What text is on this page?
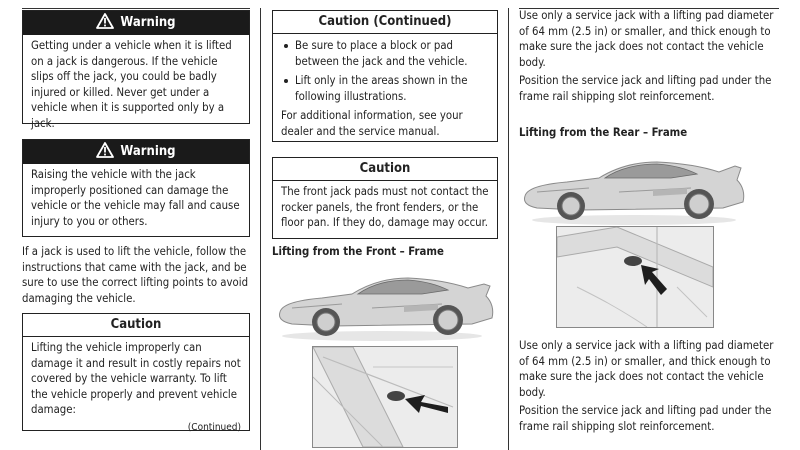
Warning

Getting under a vehicle when it is lifted on a jack is dangerous. If the vehicle slips off the jack, you could be badly injured or killed. Never get under a vehicle when it is supported only by a jack.

Warning

Raising the vehicle with the jack improperly positioned can damage the vehicle or the vehicle may fall and cause injury to you or others.

If a jack is used to lift the vehicle, follow the instructions that came with the jack, and be sure to use the correct lifting points to avoid damaging the vehicle.

Caution

Lifting the vehicle improperly can damage it and result in costly repairs not covered by the vehicle warranty. To lift the vehicle properly and prevent vehicle damage:

(Continued)
Caution (Continued)
Be sure to place a block or pad between the jack and the vehicle.
Lift only in the areas shown in the following illustrations.

For additional information, see your dealer and the service manual.

Caution

The front jack pads must not contact the rocker panels, the front fenders, or the floor pan. If they do, damage may occur.

Lifting from the Front – Frame

Use only a service jack with a lifting pad diameter of 64 mm (2.5 in) or smaller, and thick enough to make sure the jack does not contact the vehicle body.

Position the service jack and lifting pad under the frame rail shipping slot reinforcement.

Lifting from the Rear – Frame

Use only a service jack with a lifting pad diameter of 64 mm (2.5 in) or smaller, and thick enough to make sure the jack does not contact the vehicle body.

Position the service jack and lifting pad under the frame rail shipping slot reinforcement.
